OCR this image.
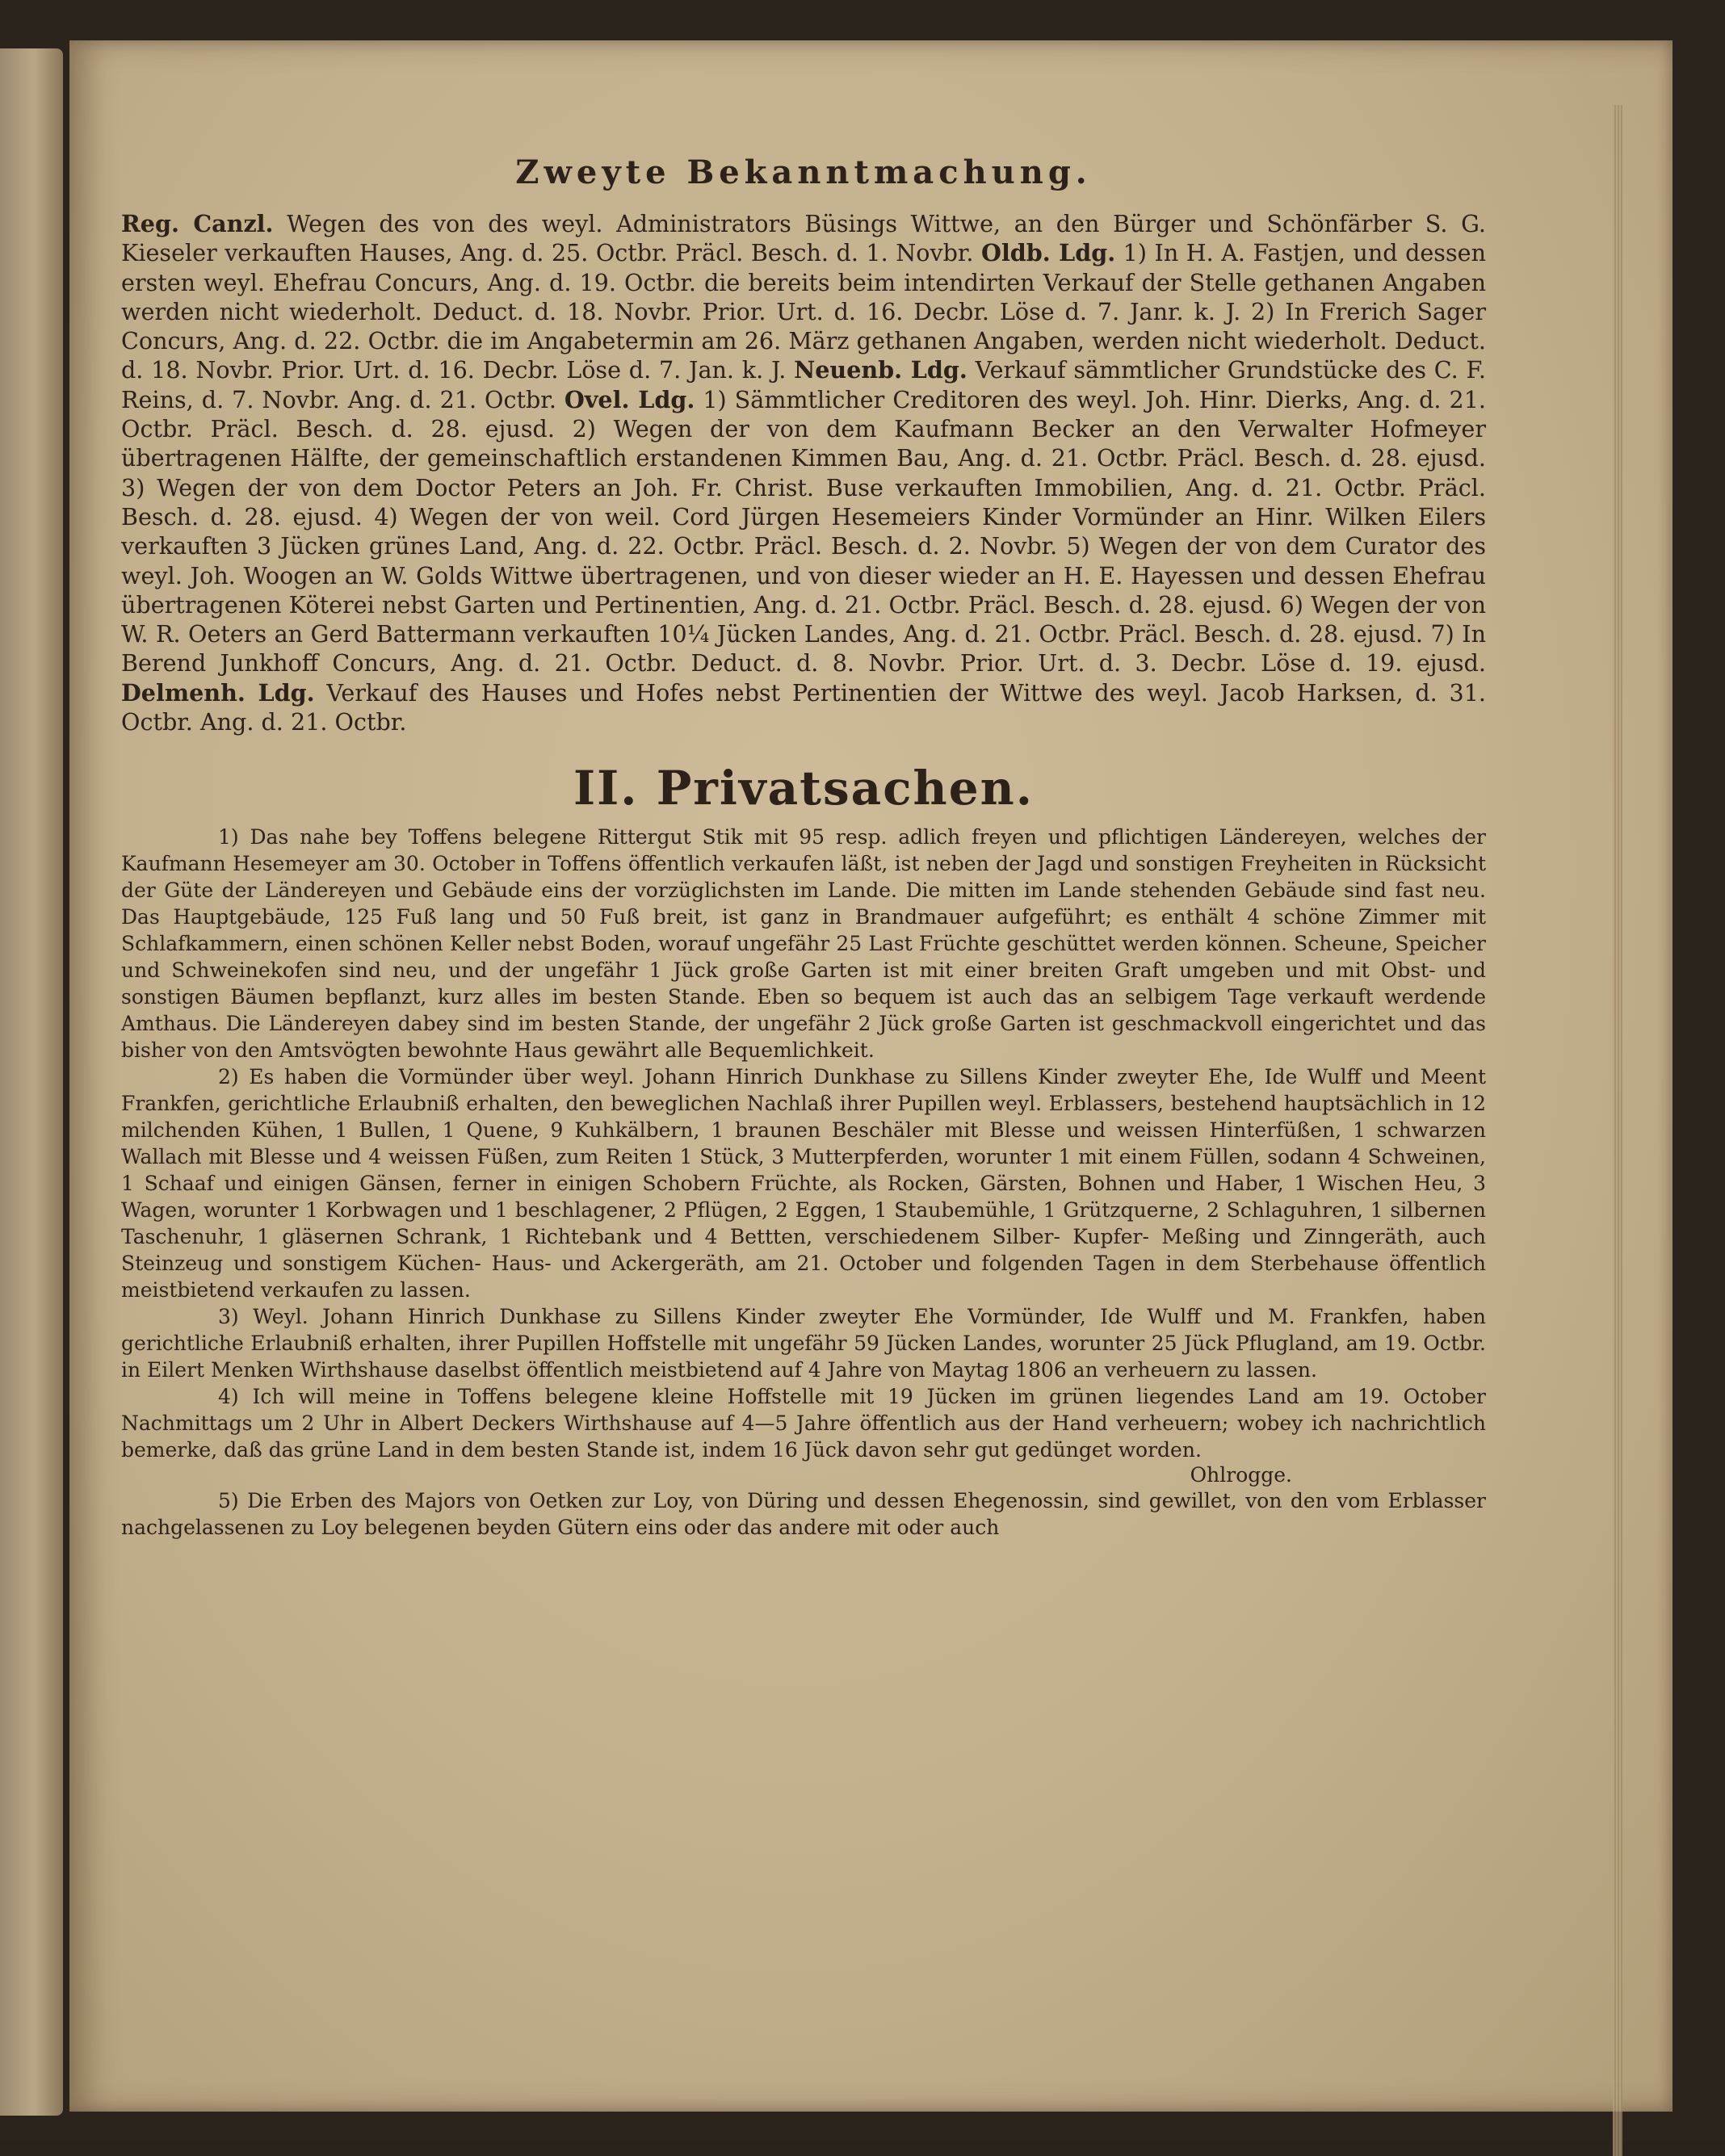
Zweyte Bekanntmachung.

Reg. Canzl. Wegen des von des weyl. Administrators Büsings Wittwe, an den Bürger und Schönfärber S. G. Kieseler verkauften Hauses, Ang. d. 25. Octbr. Präcl. Besch. d. 1. Novbr. Oldb. Ldg. 1) In H. A. Fastjen, und dessen ersten weyl. Ehefrau Concurs, Ang. d. 19. Octbr. die bereits beim intendirten Verkauf der Stelle gethanen Angaben werden nicht wiederholt. Deduct. d. 18. Novbr. Prior. Urt. d. 16. Decbr. Löse d. 7. Janr. k. J. 2) In Frerich Sager Concurs, Ang. d. 22. Octbr. die im Angabetermin am 26. März gethanen Angaben, werden nicht wiederholt. Deduct. d. 18. Novbr. Prior. Urt. d. 16. Decbr. Löse d. 7. Jan. k. J. Neuenb. Ldg. Verkauf sämmtlicher Grundstücke des C. F. Reins, d. 7. Novbr. Ang. d. 21. Octbr. Ovel. Ldg. 1) Sämmtlicher Creditoren des weyl. Joh. Hinr. Dierks, Ang. d. 21. Octbr. Präcl. Besch. d. 28. ejusd. 2) Wegen der von dem Kaufmann Becker an den Verwalter Hofmeyer übertragenen Hälfte, der gemeinschaftlich erstandenen Kimmen Bau, Ang. d. 21. Octbr. Präcl. Besch. d. 28. ejusd. 3) Wegen der von dem Doctor Peters an Joh. Fr. Christ. Buse verkauften Immobilien, Ang. d. 21. Octbr. Präcl. Besch. d. 28. ejusd. 4) Wegen der von weil. Cord Jürgen Hesemeiers Kinder Vormünder an Hinr. Wilken Eilers verkauften 3 Jücken grünes Land, Ang. d. 22. Octbr. Präcl. Besch. d. 2. Novbr. 5) Wegen der von dem Curator des weyl. Joh. Woogen an W. Golds Wittwe übertragenen, und von dieser wieder an H. E. Hayessen und dessen Ehefrau übertragenen Köterei nebst Garten und Pertinentien, Ang. d. 21. Octbr. Präcl. Besch. d. 28. ejusd. 6) Wegen der von W. R. Oeters an Gerd Battermann verkauften 10¼ Jücken Landes, Ang. d. 21. Octbr. Präcl. Besch. d. 28. ejusd. 7) In Berend Junkhoff Concurs, Ang. d. 21. Octbr. Deduct. d. 8. Novbr. Prior. Urt. d. 3. Decbr. Löse d. 19. ejusd. Delmenh. Ldg. Verkauf des Hauses und Hofes nebst Pertinentien der Wittwe des weyl. Jacob Harksen, d. 31. Octbr. Ang. d. 21. Octbr.

II. Privatsachen.

1) Das nahe bey Toffens belegene Rittergut Stik mit 95 resp. adlich freyen und pflichtigen Ländereyen, welches der Kaufmann Hesemeyer am 30. October in Toffens öffentlich verkaufen läßt, ist neben der Jagd und sonstigen Freyheiten in Rücksicht der Güte der Ländereyen und Gebäude eins der vorzüglichsten im Lande. Die mitten im Lande stehenden Gebäude sind fast neu. Das Hauptgebäude, 125 Fuß lang und 50 Fuß breit, ist ganz in Brandmauer aufgeführt; es enthält 4 schöne Zimmer mit Schlafkammern, einen schönen Keller nebst Boden, worauf ungefähr 25 Last Früchte geschüttet werden können. Scheune, Speicher und Schweinekofen sind neu, und der ungefähr 1 Jück große Garten ist mit einer breiten Graft umgeben und mit Obst- und sonstigen Bäumen bepflanzt, kurz alles im besten Stande. Eben so bequem ist auch das an selbigem Tage verkauft werdende Amthaus. Die Ländereyen dabey sind im besten Stande, der ungefähr 2 Jück große Garten ist geschmackvoll eingerichtet und das bisher von den Amtsvögten bewohnte Haus gewährt alle Bequemlichkeit.

2) Es haben die Vormünder über weyl. Johann Hinrich Dunkhase zu Sillens Kinder zweyter Ehe, Ide Wulff und Meent Frankfen, gerichtliche Erlaubniß erhalten, den beweglichen Nachlaß ihrer Pupillen weyl. Erblassers, bestehend hauptsächlich in 12 milchenden Kühen, 1 Bullen, 1 Quene, 9 Kuhkälbern, 1 braunen Beschäler mit Blesse und weissen Hinterfüßen, 1 schwarzen Wallach mit Blesse und 4 weissen Füßen, zum Reiten 1 Stück, 3 Mutterpferden, worunter 1 mit einem Füllen, sodann 4 Schweinen, 1 Schaaf und einigen Gänsen, ferner in einigen Schobern Früchte, als Rocken, Gärsten, Bohnen und Haber, 1 Wischen Heu, 3 Wagen, worunter 1 Korbwagen und 1 beschlagener, 2 Pflügen, 2 Eggen, 1 Staubemühle, 1 Grützquerne, 2 Schlaguhren, 1 silbernen Taschenuhr, 1 gläsernen Schrank, 1 Richtebank und 4 Bettten, verschiedenem Silber- Kupfer- Meßing und Zinngeräth, auch Steinzeug und sonstigem Küchen- Haus- und Ackergeräth, am 21. October und folgenden Tagen in dem Sterbehause öffentlich meistbietend verkaufen zu lassen.

3) Weyl. Johann Hinrich Dunkhase zu Sillens Kinder zweyter Ehe Vormünder, Ide Wulff und M. Frankfen, haben gerichtliche Erlaubniß erhalten, ihrer Pupillen Hoffstelle mit ungefähr 59 Jücken Landes, worunter 25 Jück Pflugland, am 19. Octbr. in Eilert Menken Wirthshause daselbst öffentlich meistbietend auf 4 Jahre von Maytag 1806 an verheuern zu lassen.

4) Ich will meine in Toffens belegene kleine Hoffstelle mit 19 Jücken im grünen liegendes Land am 19. October Nachmittags um 2 Uhr in Albert Deckers Wirthshause auf 4—5 Jahre öffentlich aus der Hand verheuern; wobey ich nachrichtlich bemerke, daß das grüne Land in dem besten Stande ist, indem 16 Jück davon sehr gut gedünget worden.

Ohlrogge.

5) Die Erben des Majors von Oetken zur Loy, von Düring und dessen Ehegenossin, sind gewillet, von den vom Erblasser nachgelassenen zu Loy belegenen beyden Gütern eins oder das andere mit oder auch
